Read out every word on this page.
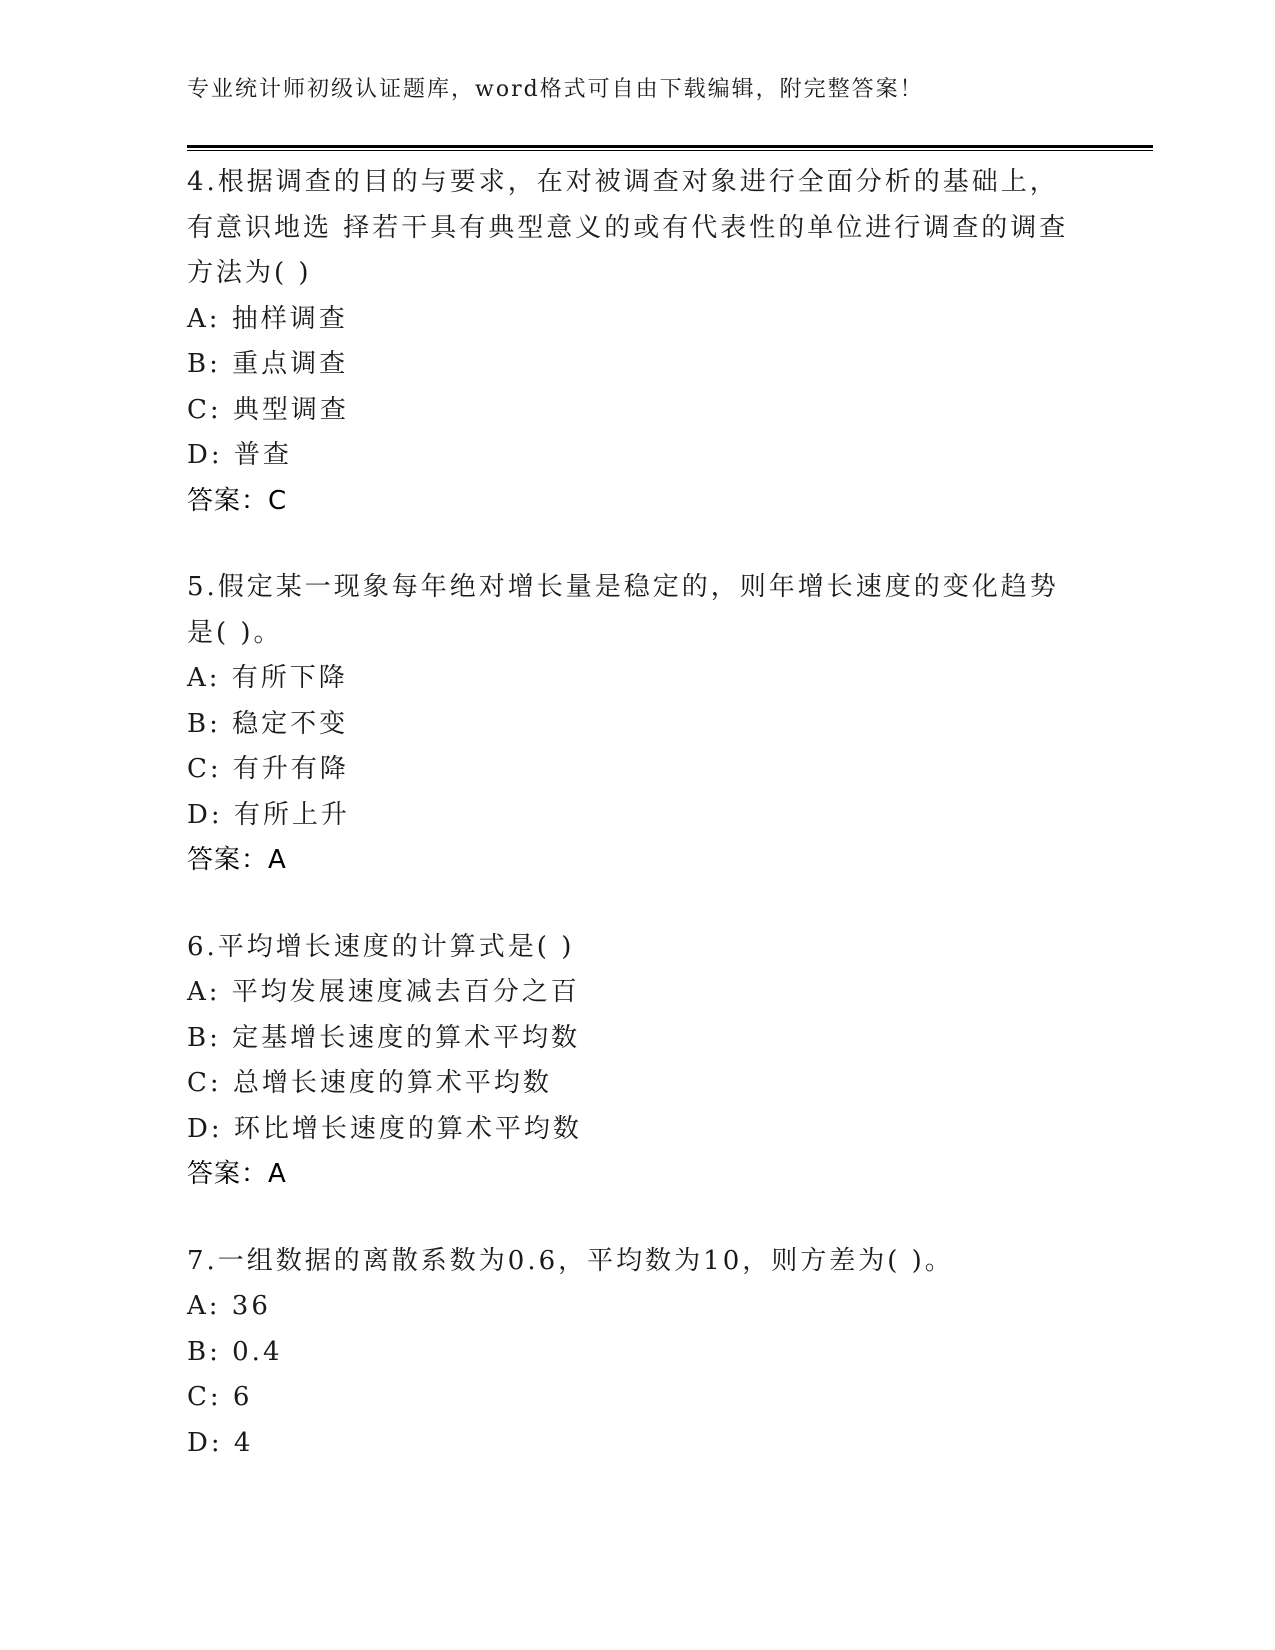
专业统计师初级认证题库，word格式可自由下载编辑，附完整答案！
4.根据调查的目的与要求，在对被调查对象进行全面分析的基础上，
有意识地选 择若干具有典型意义的或有代表性的单位进行调查的调查
方法为( )
A: 抽样调查
B: 重点调查
C: 典型调查
D: 普查
答案：C
5.假定某一现象每年绝对增长量是稳定的，则年增长速度的变化趋势
是( )。
A: 有所下降
B: 稳定不变
C: 有升有降
D: 有所上升
答案：A
6.平均增长速度的计算式是( )
A: 平均发展速度减去百分之百
B: 定基增长速度的算术平均数
C: 总增长速度的算术平均数
D: 环比增长速度的算术平均数
答案：A
7.一组数据的离散系数为0.6，平均数为10，则方差为( )。
A: 36
B: 0.4
C: 6
D: 4
